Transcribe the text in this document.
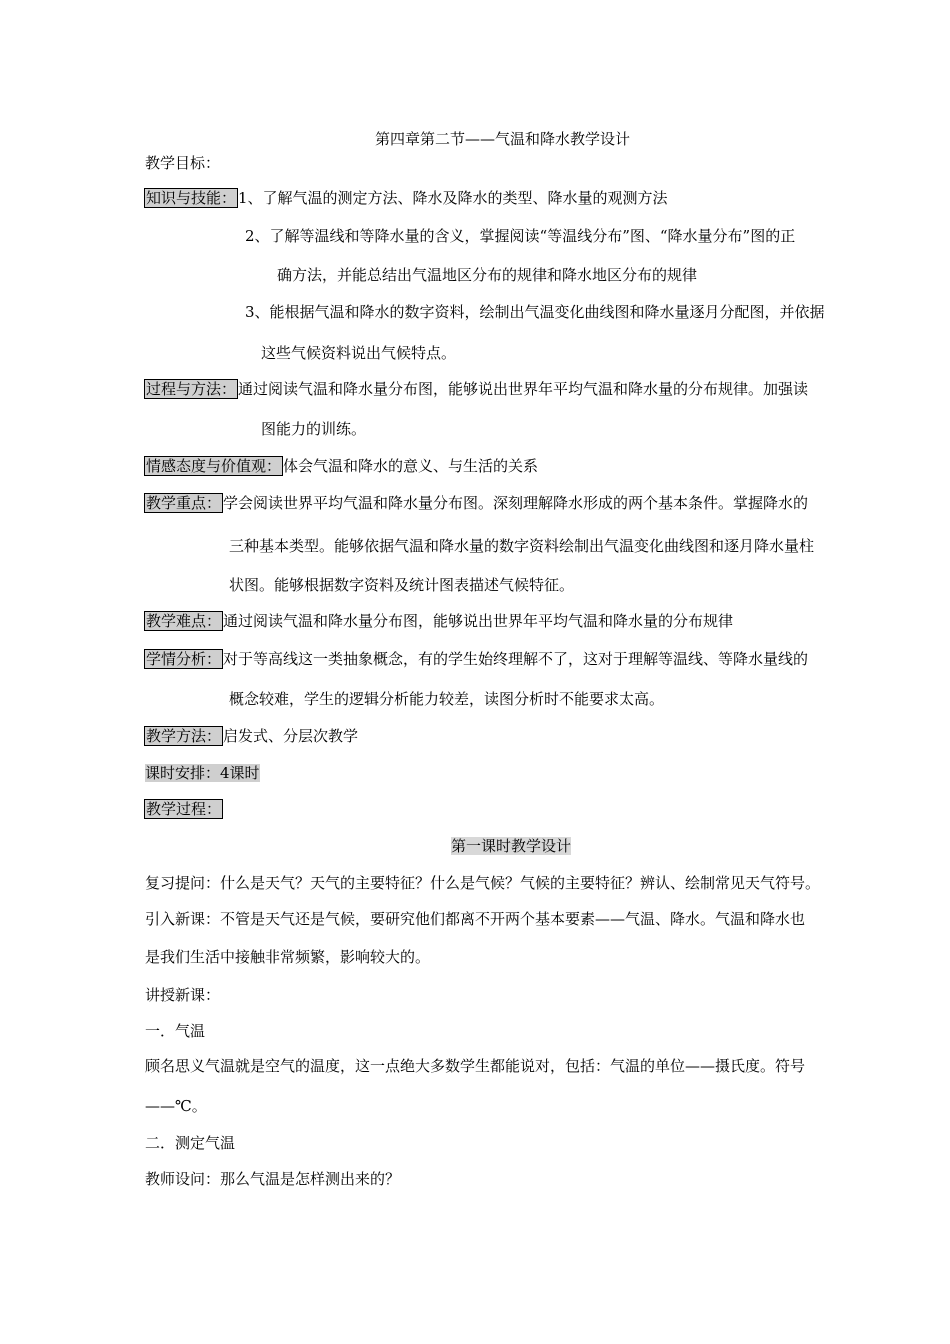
第四章第二节——气温和降水教学设计
教学目标：
知识与技能： 1、了解气温的测定方法、降水及降水的类型、降水量的观测方法
2、了解等温线和等降水量的含义，掌握阅读“等温线分布”图、“降水量分布”图的正
确方法，并能总结出气温地区分布的规律和降水地区分布的规律
3、能根据气温和降水的数字资料，绘制出气温变化曲线图和降水量逐月分配图，并依据
这些气候资料说出气候特点。
过程与方法： 通过阅读气温和降水量分布图，能够说出世界年平均气温和降水量的分布规律。加强读
图能力的训练。
情感态度与价值观： 体会气温和降水的意义、与生活的关系
教学重点： 学会阅读世界平均气温和降水量分布图。深刻理解降水形成的两个基本条件。掌握降水的
三种基本类型。能够依据气温和降水量的数字资料绘制出气温变化曲线图和逐月降水量柱
状图。能够根据数字资料及统计图表描述气候特征。
教学难点： 通过阅读气温和降水量分布图，能够说出世界年平均气温和降水量的分布规律
学情分析： 对于等高线这一类抽象概念，有的学生始终理解不了，这对于理解等温线、等降水量线的
概念较难，学生的逻辑分析能力较差，读图分析时不能要求太高。
教学方法： 启发式、分层次教学
课时安排：4课时
教学过程：
第一课时教学设计
复习提问：什么是天气？天气的主要特征？什么是气候？气候的主要特征？辨认、绘制常见天气符号。
引入新课：不管是天气还是气候，要研究他们都离不开两个基本要素——气温、降水。气温和降水也
是我们生活中接触非常频繁，影响较大的。
讲授新课：
一．气温
顾名思义气温就是空气的温度，这一点绝大多数学生都能说对，包括：气温的单位——摄氏度。符号
——℃。
二．测定气温
教师设问：那么气温是怎样测出来的？
